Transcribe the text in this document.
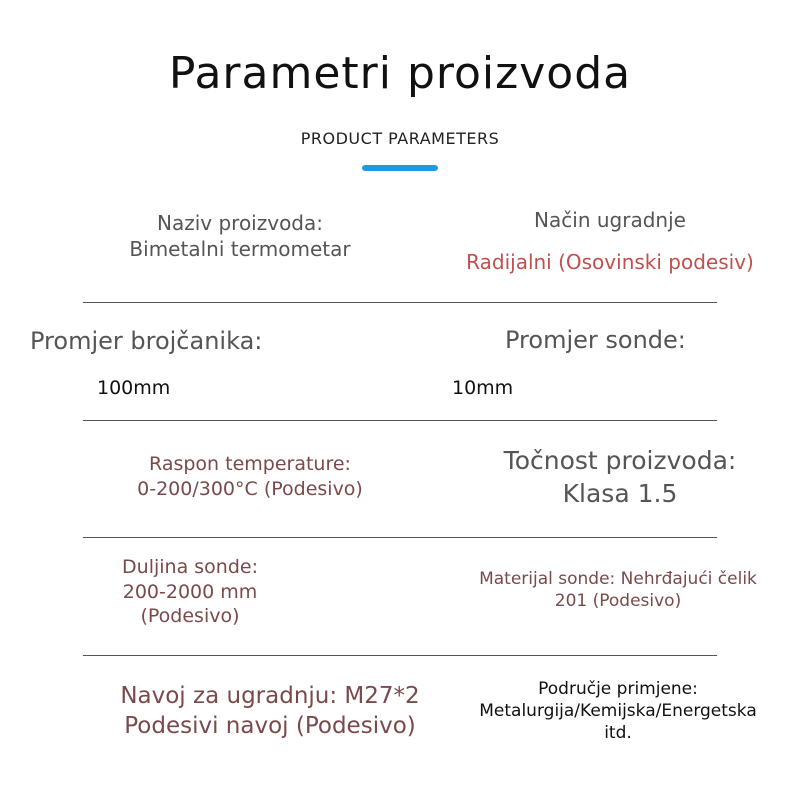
Parametri proizvoda
PRODUCT PARAMETERS
Naziv proizvoda:
Bimetalni termometar
Način ugradnje
Radijalni (Osovinski podesiv)
Promjer brojčanika:
100mm
Promjer sonde:
10mm
Raspon temperature:
0-200/300°C (Podesivo)
Točnost proizvoda:
Klasa 1.5
Duljina sonde:
200-2000 mm
(Podesivo)
Materijal sonde: Nehrđajući čelik
201 (Podesivo)
Navoj za ugradnju: M27*2
Podesivi navoj (Podesivo)
Područje primjene:
Metalurgija/Kemijska/Energetska
itd.
